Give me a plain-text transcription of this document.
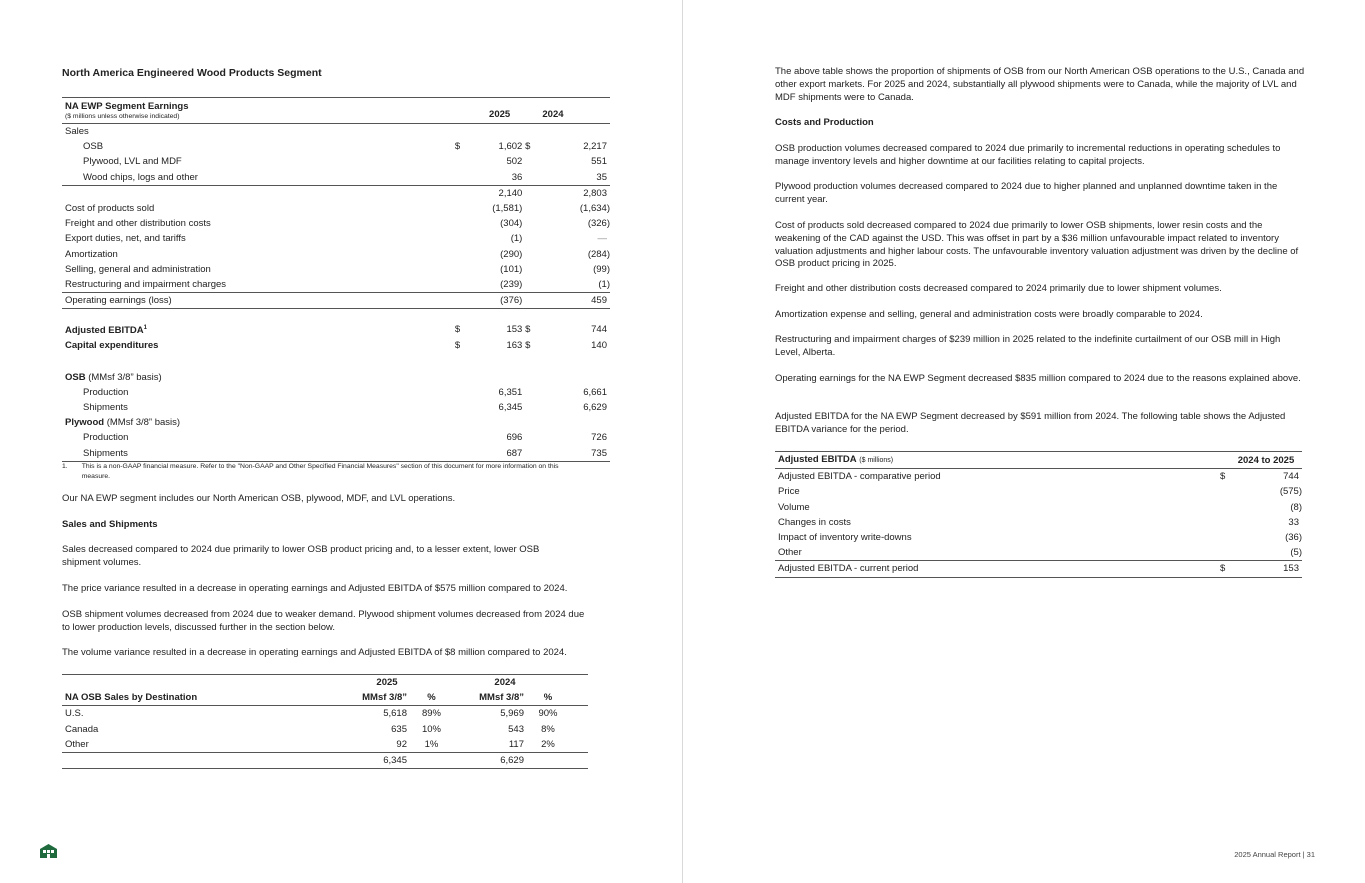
North America Engineered Wood Products Segment
NA EWP Segment Earnings
($ millions unless otherwise indicated)		2025		2024
Sales				
OSB	$	1,602	$	2,217
Plywood, LVL and MDF		502		551
Wood chips, logs and other		36		35
		2,140		2,803
Cost of products sold		(1,581)		(1,634)
Freight and other distribution costs		(304)		(326)
Export duties, net, and tariffs		(1)		—
Amortization		(290)		(284)
Selling, general and administration		(101)		(99)
Restructuring and impairment charges		(239)		(1)
Operating earnings (loss)		(376)		459

Adjusted EBITDA$^1$	$	153	$	744
Capital expenditures	$	163	$	140

OSB (MMsf 3/8” basis)				
Production		6,351		6,661
Shipments		6,345		6,629
Plywood (MMsf 3/8” basis)				
Production		696		726
Shipments		687		735
1.	This is a non-GAAP financial measure. Refer to the "Non-GAAP and Other Specified Financial Measures" section of this document for more information on this measure.
Our NA EWP segment includes our North American OSB, plywood, MDF, and LVL operations.
Sales and Shipments
Sales decreased compared to 2024 due primarily to lower OSB product pricing and, to a lesser extent, lower OSB shipment volumes.
The price variance resulted in a decrease in operating earnings and Adjusted EBITDA of $575 million compared to 2024.
OSB shipment volumes decreased from 2024 due to weaker demand. Plywood shipment volumes decreased from 2024 due to lower production levels, discussed further in the section below.
The volume variance resulted in a decrease in operating earnings and Adjusted EBITDA of $8 million compared to 2024.
	2025		2024	
NA OSB Sales by Destination	MMsf 3/8”	%	MMsf 3/8”	%
U.S.	5,618	89%	5,969	90%
Canada	635	10%	543	8%
Other	92	1%	117	2%
	6,345		6,629	
The above table shows the proportion of shipments of OSB from our North American OSB operations to the U.S., Canada and other export markets. For 2025 and 2024, substantially all plywood shipments were to Canada, while the majority of LVL and MDF shipments were to Canada.
Costs and Production
OSB production volumes decreased compared to 2024 due primarily to incremental reductions in operating schedules to manage inventory levels and higher downtime at our facilities relating to capital projects.
Plywood production volumes decreased compared to 2024 due to higher planned and unplanned downtime taken in the current year.
Cost of products sold decreased compared to 2024 due primarily to lower OSB shipments, lower resin costs and the weakening of the CAD against the USD. This was offset in part by a $36 million unfavourable impact related to inventory valuation adjustments and higher labour costs. The unfavourable inventory valuation adjustment was driven by the decline of OSB product pricing in 2025.
Freight and other distribution costs decreased compared to 2024 primarily due to lower shipment volumes.
Amortization expense and selling, general and administration costs were broadly comparable to 2024.
Restructuring and impairment charges of $239 million in 2025 related to the indefinite curtailment of our OSB mill in High Level, Alberta.
Operating earnings for the NA EWP Segment decreased $835 million compared to 2024 due to the reasons explained above.
Adjusted EBITDA for the NA EWP Segment decreased by $591 million from 2024. The following table shows the Adjusted EBITDA variance for the period.
Adjusted EBITDA ($ millions)	2024 to 2025	
Adjusted EBITDA - comparative period	$	744
Price		(575)
Volume		(8)
Changes in costs		33
Impact of inventory write-downs		(36)
Other		(5)
Adjusted EBITDA - current period	$	153
2025 Annual Report | 31
